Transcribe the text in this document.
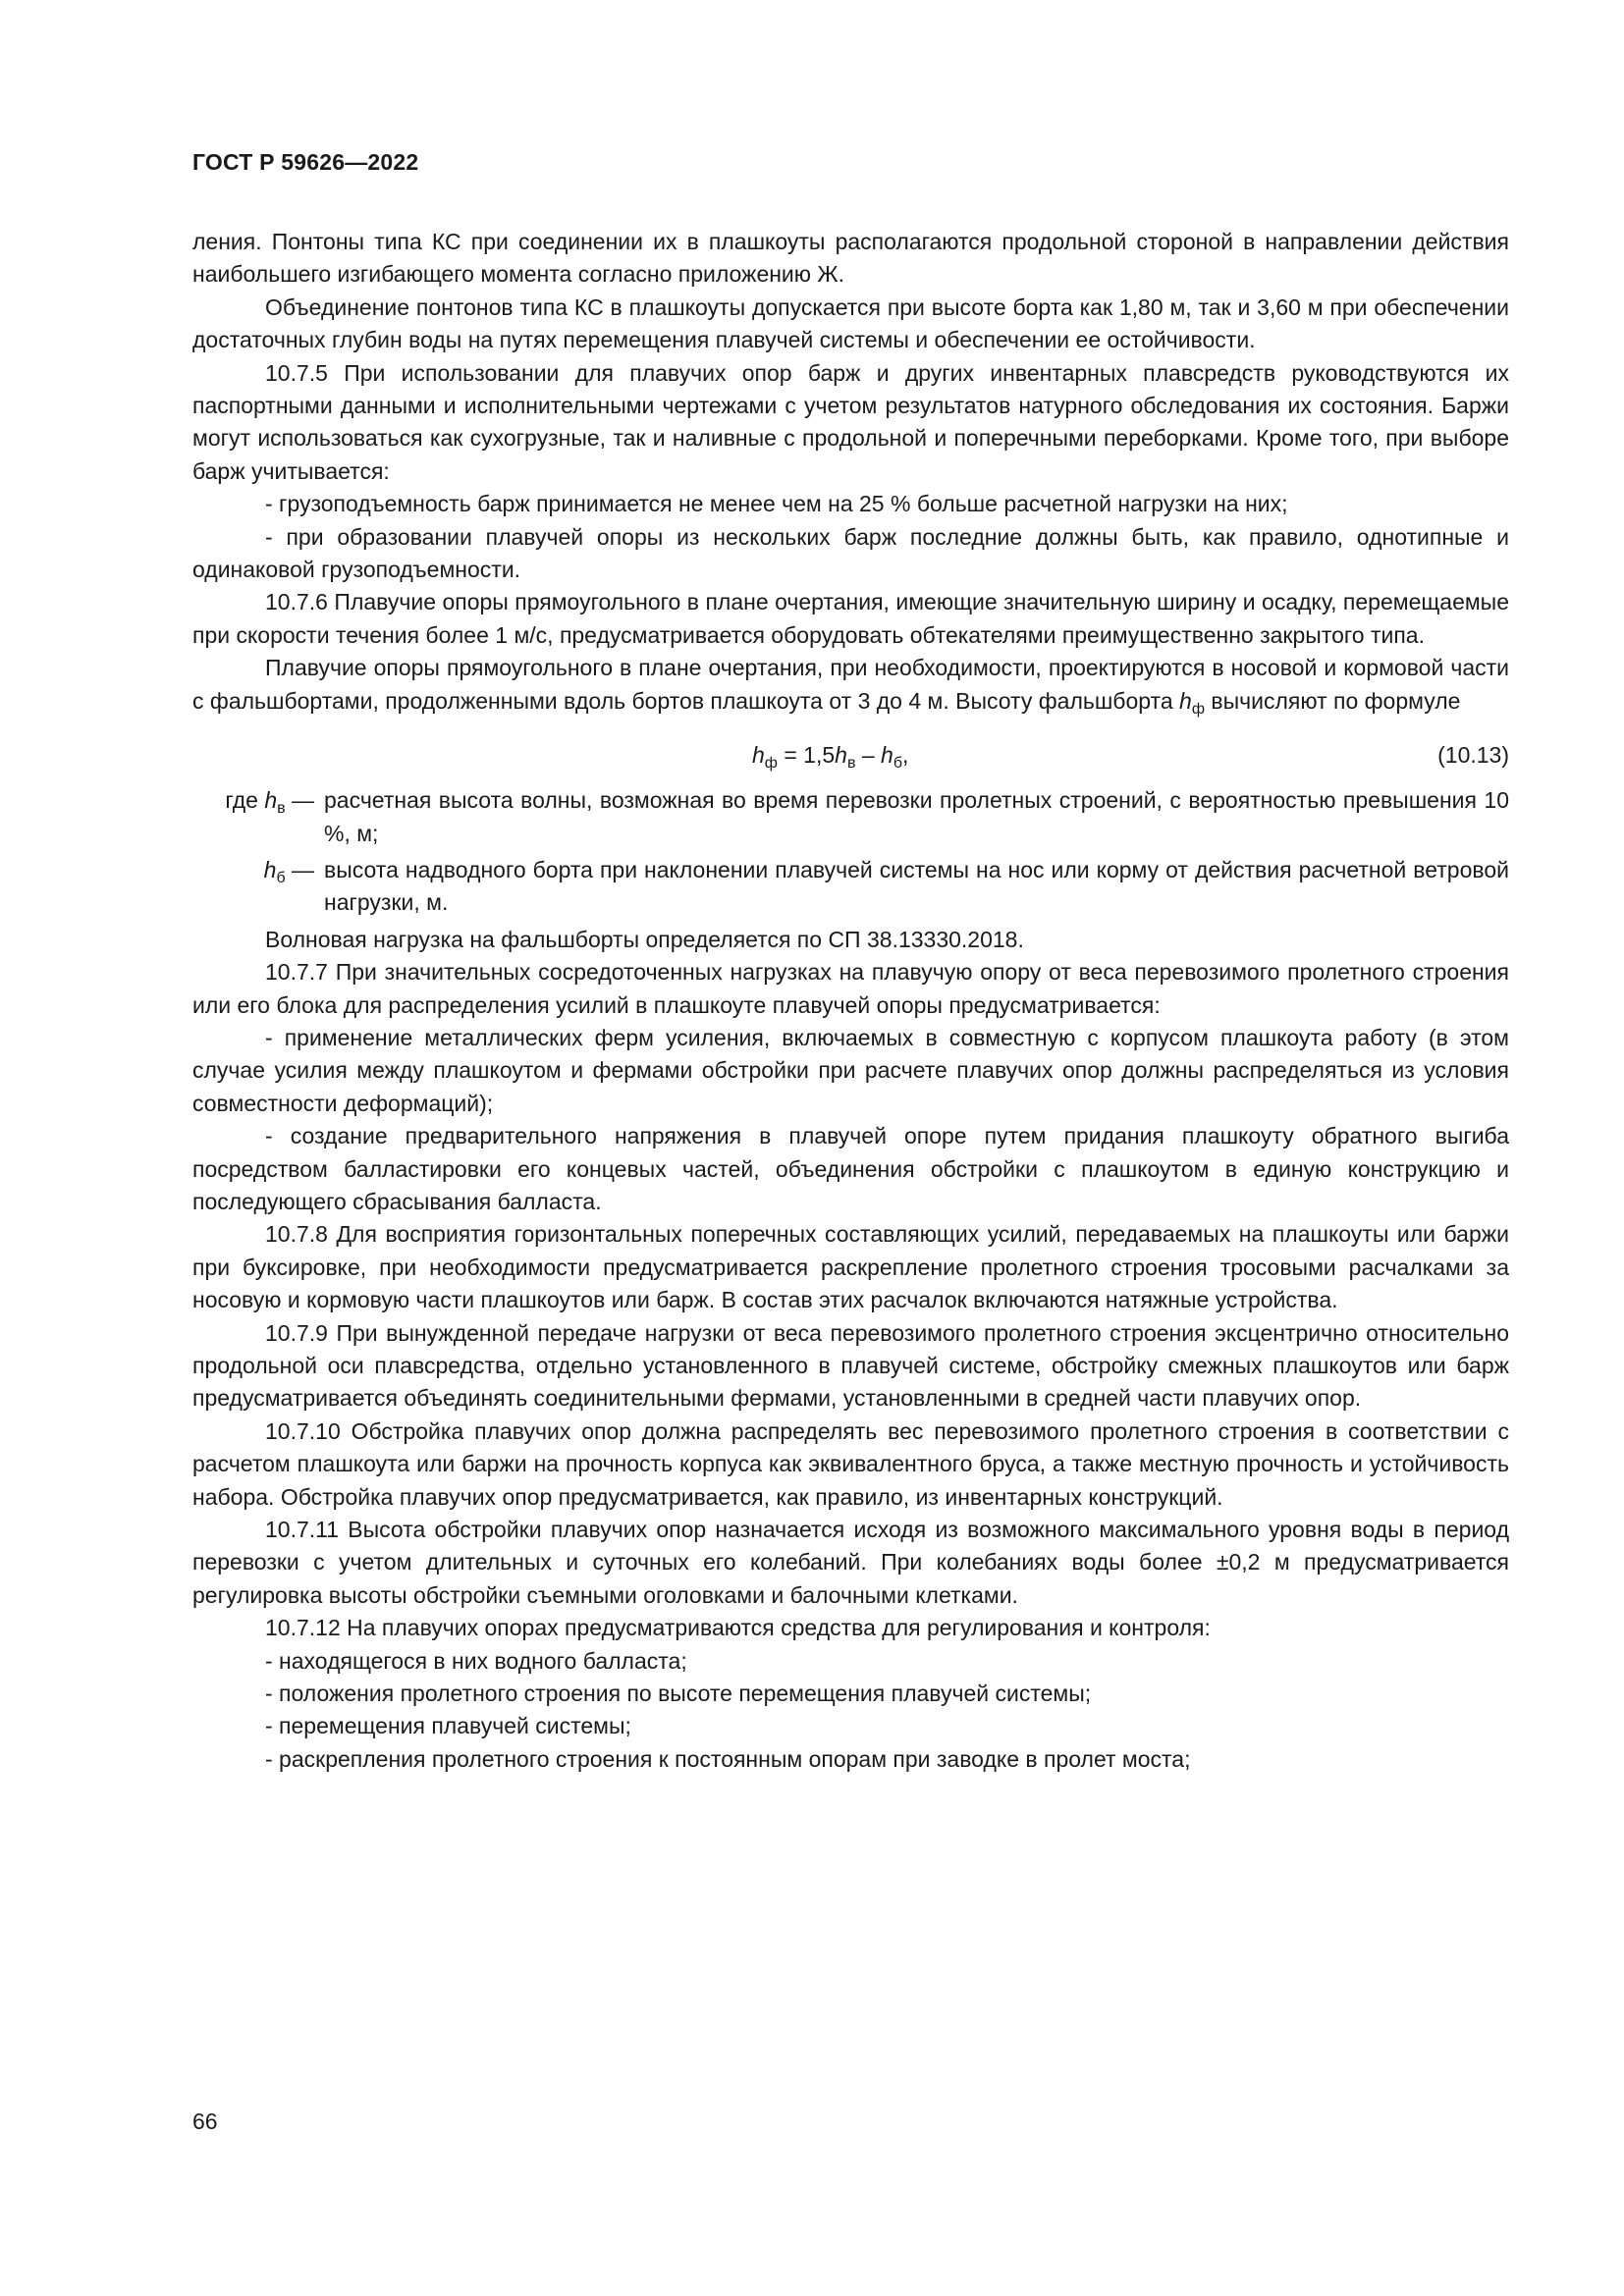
ГОСТ Р 59626—2022

ления. Понтоны типа КС при соединении их в плашкоуты располагаются продольной стороной в направлении действия наибольшего изгибающего момента согласно приложению Ж.

Объединение понтонов типа КС в плашкоуты допускается при высоте борта как 1,80 м, так и 3,60 м при обеспечении достаточных глубин воды на путях перемещения плавучей системы и обеспечении ее остойчивости.

10.7.5 При использовании для плавучих опор барж и других инвентарных плавсредств руководствуются их паспортными данными и исполнительными чертежами с учетом результатов натурного обследования их состояния. Баржи могут использоваться как сухогрузные, так и наливные с продольной и поперечными переборками. Кроме того, при выборе барж учитывается:

- грузоподъемность барж принимается не менее чем на 25 % больше расчетной нагрузки на них;

- при образовании плавучей опоры из нескольких барж последние должны быть, как правило, однотипные и одинаковой грузоподъемности.

10.7.6 Плавучие опоры прямоугольного в плане очертания, имеющие значительную ширину и осадку, перемещаемые при скорости течения более 1 м/с, предусматривается оборудовать обтекателями преимущественно закрытого типа.

Плавучие опоры прямоугольного в плане очертания, при необходимости, проектируются в носовой и кормовой части с фальшбортами, продолженными вдоль бортов плашкоута от 3 до 4 м. Высоту фальшборта $h_ф$ вычисляют по формуле

$h_ф = 1,5h_в - h_б$,	(10.13)
где $h_в$ — расчетная высота волны, возможная во время перевозки пролетных строений, с вероятностью превышения 10 %, м;
$h_б$ — высота надводного борта при наклонении плавучей системы на нос или корму от действия расчетной ветровой нагрузки, м.

Волновая нагрузка на фальшборты определяется по СП 38.13330.2018.

10.7.7 При значительных сосредоточенных нагрузках на плавучую опору от веса перевозимого пролетного строения или его блока для распределения усилий в плашкоуте плавучей опоры предусматривается:

- применение металлических ферм усиления, включаемых в совместную с корпусом плашкоута работу (в этом случае усилия между плашкоутом и фермами обстройки при расчете плавучих опор должны распределяться из условия совместности деформаций);

- создание предварительного напряжения в плавучей опоре путем придания плашкоуту обратного выгиба посредством балластировки его концевых частей, объединения обстройки с плашкоутом в единую конструкцию и последующего сбрасывания балласта.

10.7.8 Для восприятия горизонтальных поперечных составляющих усилий, передаваемых на плашкоуты или баржи при буксировке, при необходимости предусматривается раскрепление пролетного строения тросовыми расчалками за носовую и кормовую части плашкоутов или барж. В состав этих расчалок включаются натяжные устройства.

10.7.9 При вынужденной передаче нагрузки от веса перевозимого пролетного строения эксцентрично относительно продольной оси плавсредства, отдельно установленного в плавучей системе, обстройку смежных плашкоутов или барж предусматривается объединять соединительными фермами, установленными в средней части плавучих опор.

10.7.10 Обстройка плавучих опор должна распределять вес перевозимого пролетного строения в соответствии с расчетом плашкоута или баржи на прочность корпуса как эквивалентного бруса, а также местную прочность и устойчивость набора. Обстройка плавучих опор предусматривается, как правило, из инвентарных конструкций.

10.7.11 Высота обстройки плавучих опор назначается исходя из возможного максимального уровня воды в период перевозки с учетом длительных и суточных его колебаний. При колебаниях воды более ±0,2 м предусматривается регулировка высоты обстройки съемными оголовками и балочными клетками.

10.7.12 На плавучих опорах предусматриваются средства для регулирования и контроля:

- находящегося в них водного балласта;

- положения пролетного строения по высоте перемещения плавучей системы;

- перемещения плавучей системы;

- раскрепления пролетного строения к постоянным опорам при заводке в пролет моста;

66
